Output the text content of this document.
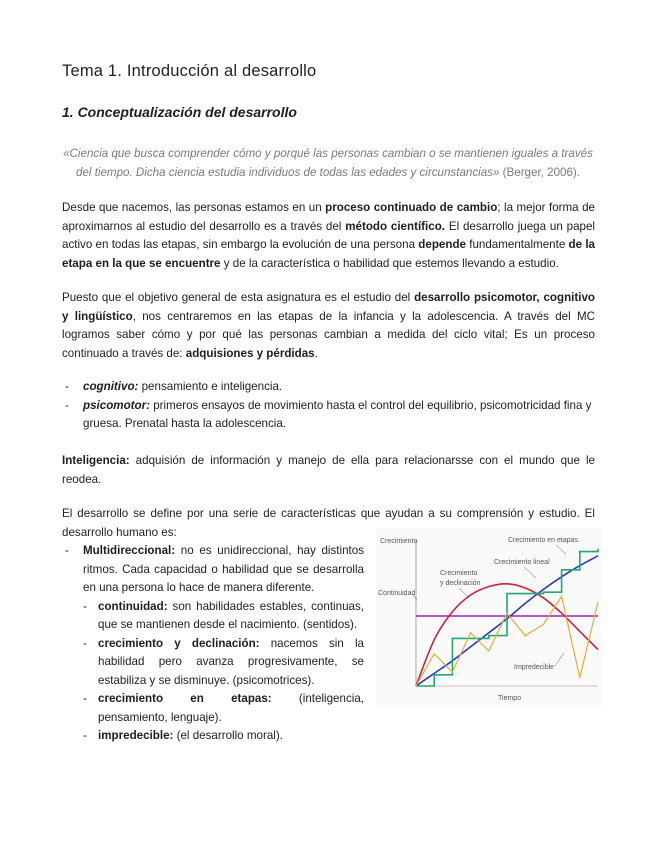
Tema 1. Introducción al desarrollo
1. Conceptualización del desarrollo
«Ciencia que busca comprender cómo y porqué las personas cambian o se mantienen iguales a través del tiempo. Dicha ciencia estudia individuos de todas las edades y circunstancias» (Berger, 2006).
Desde que nacemos, las personas estamos en un proceso continuado de cambio; la mejor forma de aproximarnos al estudio del desarrollo es a través del método científico. El desarrollo juega un papel activo en todas las etapas, sin embargo la evolución de una persona depende fundamentalmente de la etapa en la que se encuentre y de la característica o habilidad que estemos llevando a estudio.
Puesto que el objetivo general de esta asignatura es el estudio del desarrollo psicomotor, cognitivo y lingüístico, nos centraremos en las etapas de la infancia y la adolescencia. A través del MC logramos saber cómo y por qué las personas cambian a medida del ciclo vital; Es un proceso continuado a través de: adquisiones y pérdidas.
- cognitivo: pensamiento e inteligencia.
- psicomotor: primeros ensayos de movimiento hasta el control del equilibrio, psicomotricidad fina y gruesa. Prenatal hasta la adolescencia.
Inteligencia: adquisión de información y manejo de ella para relacionarsse con el mundo que le reodea.
El desarrollo se define por una serie de características que ayudan a su comprensión y estudio. El desarrollo humano es:
- Multidireccional: no es unidireccional, hay distintos ritmos. Cada capacidad o habilidad que se desarrolla en una persona lo hace de manera diferente.
- continuidad: son habilidades estables, continuas, que se mantienen desde el nacimiento. (sentidos).
- crecimiento y declinación: nacemos sin la habilidad pero avanza progresivamente, se estabiliza y se disminuye. (psicomotrices).
- crecimiento en etapas: (inteligencia, pensamiento, lenguaje).
- impredecible: (el desarrollo moral).
Crecimiento
Continuidad
Crecimiento
y declinación
Crecimiento lineal
Crecimiento en etapas
Impredecible
Tiempo
